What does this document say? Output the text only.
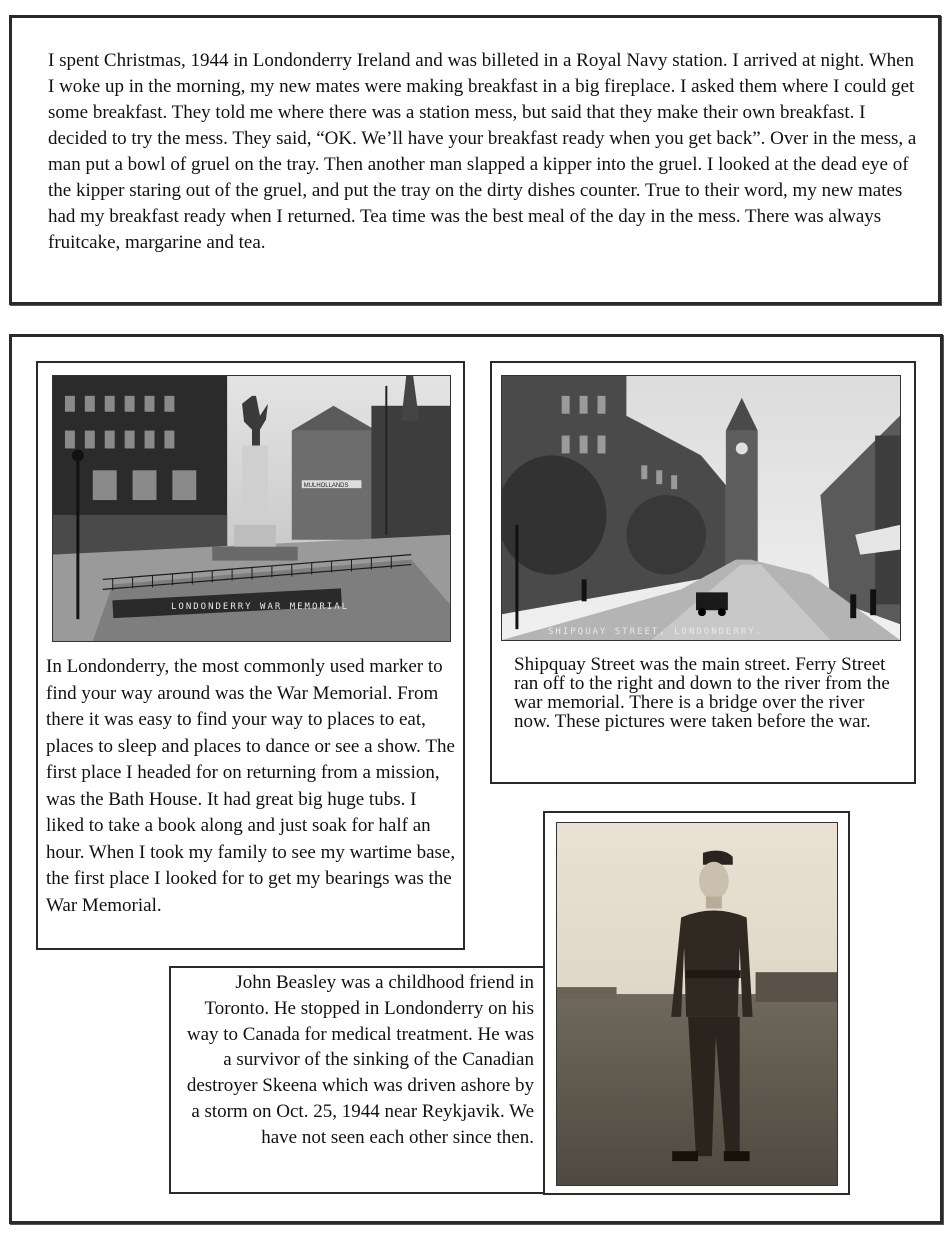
I spent Christmas, 1944 in Londonderry Ireland and was billeted in a Royal Navy station. I arrived at night. When I woke up in the morning, my new mates were making breakfast in a big fireplace. I asked them where I could get some breakfast. They told me where there was a station mess, but said that they make their own breakfast. I decided to try the mess. They said, “OK. We’ll have your breakfast ready when you get back”. Over in the mess, a man put a bowl of gruel on the tray. Then another man slapped a kipper into the gruel. I looked at the dead eye of the kipper staring out of the gruel, and put the tray on the dirty dishes counter. True to their word, my new mates had my breakfast ready when I returned. Tea time was the best meal of the day in the mess. There was always fruitcake, margarine and tea.

MULHOLLANDS
LONDONDERRY WAR MEMORIAL

In Londonderry, the most commonly used marker to find your way around was the War Memorial. From there it was easy to find your way to places to eat, places to sleep and places to dance or see a show. The first place I headed for on returning from a mission, was the Bath House. It had great big huge tubs. I liked to take a book along and just soak for half an hour. When I took my family to see my wartime base, the first place I looked for to get my bearings was the War Memorial.

SHIPQUAY STREET, LONDONDERRY.

Shipquay Street was the main street. Ferry Street ran off to the right and down to the river from the war memorial. There is a bridge over the river now. These pictures were taken before the war.

John Beasley was a childhood friend in Toronto. He stopped in Londonderry on his way to Canada for medical treatment. He was a survivor of the sinking of the Canadian destroyer Skeena which was driven ashore by a storm on Oct. 25, 1944 near Reykjavik. We have not seen each other since then.
